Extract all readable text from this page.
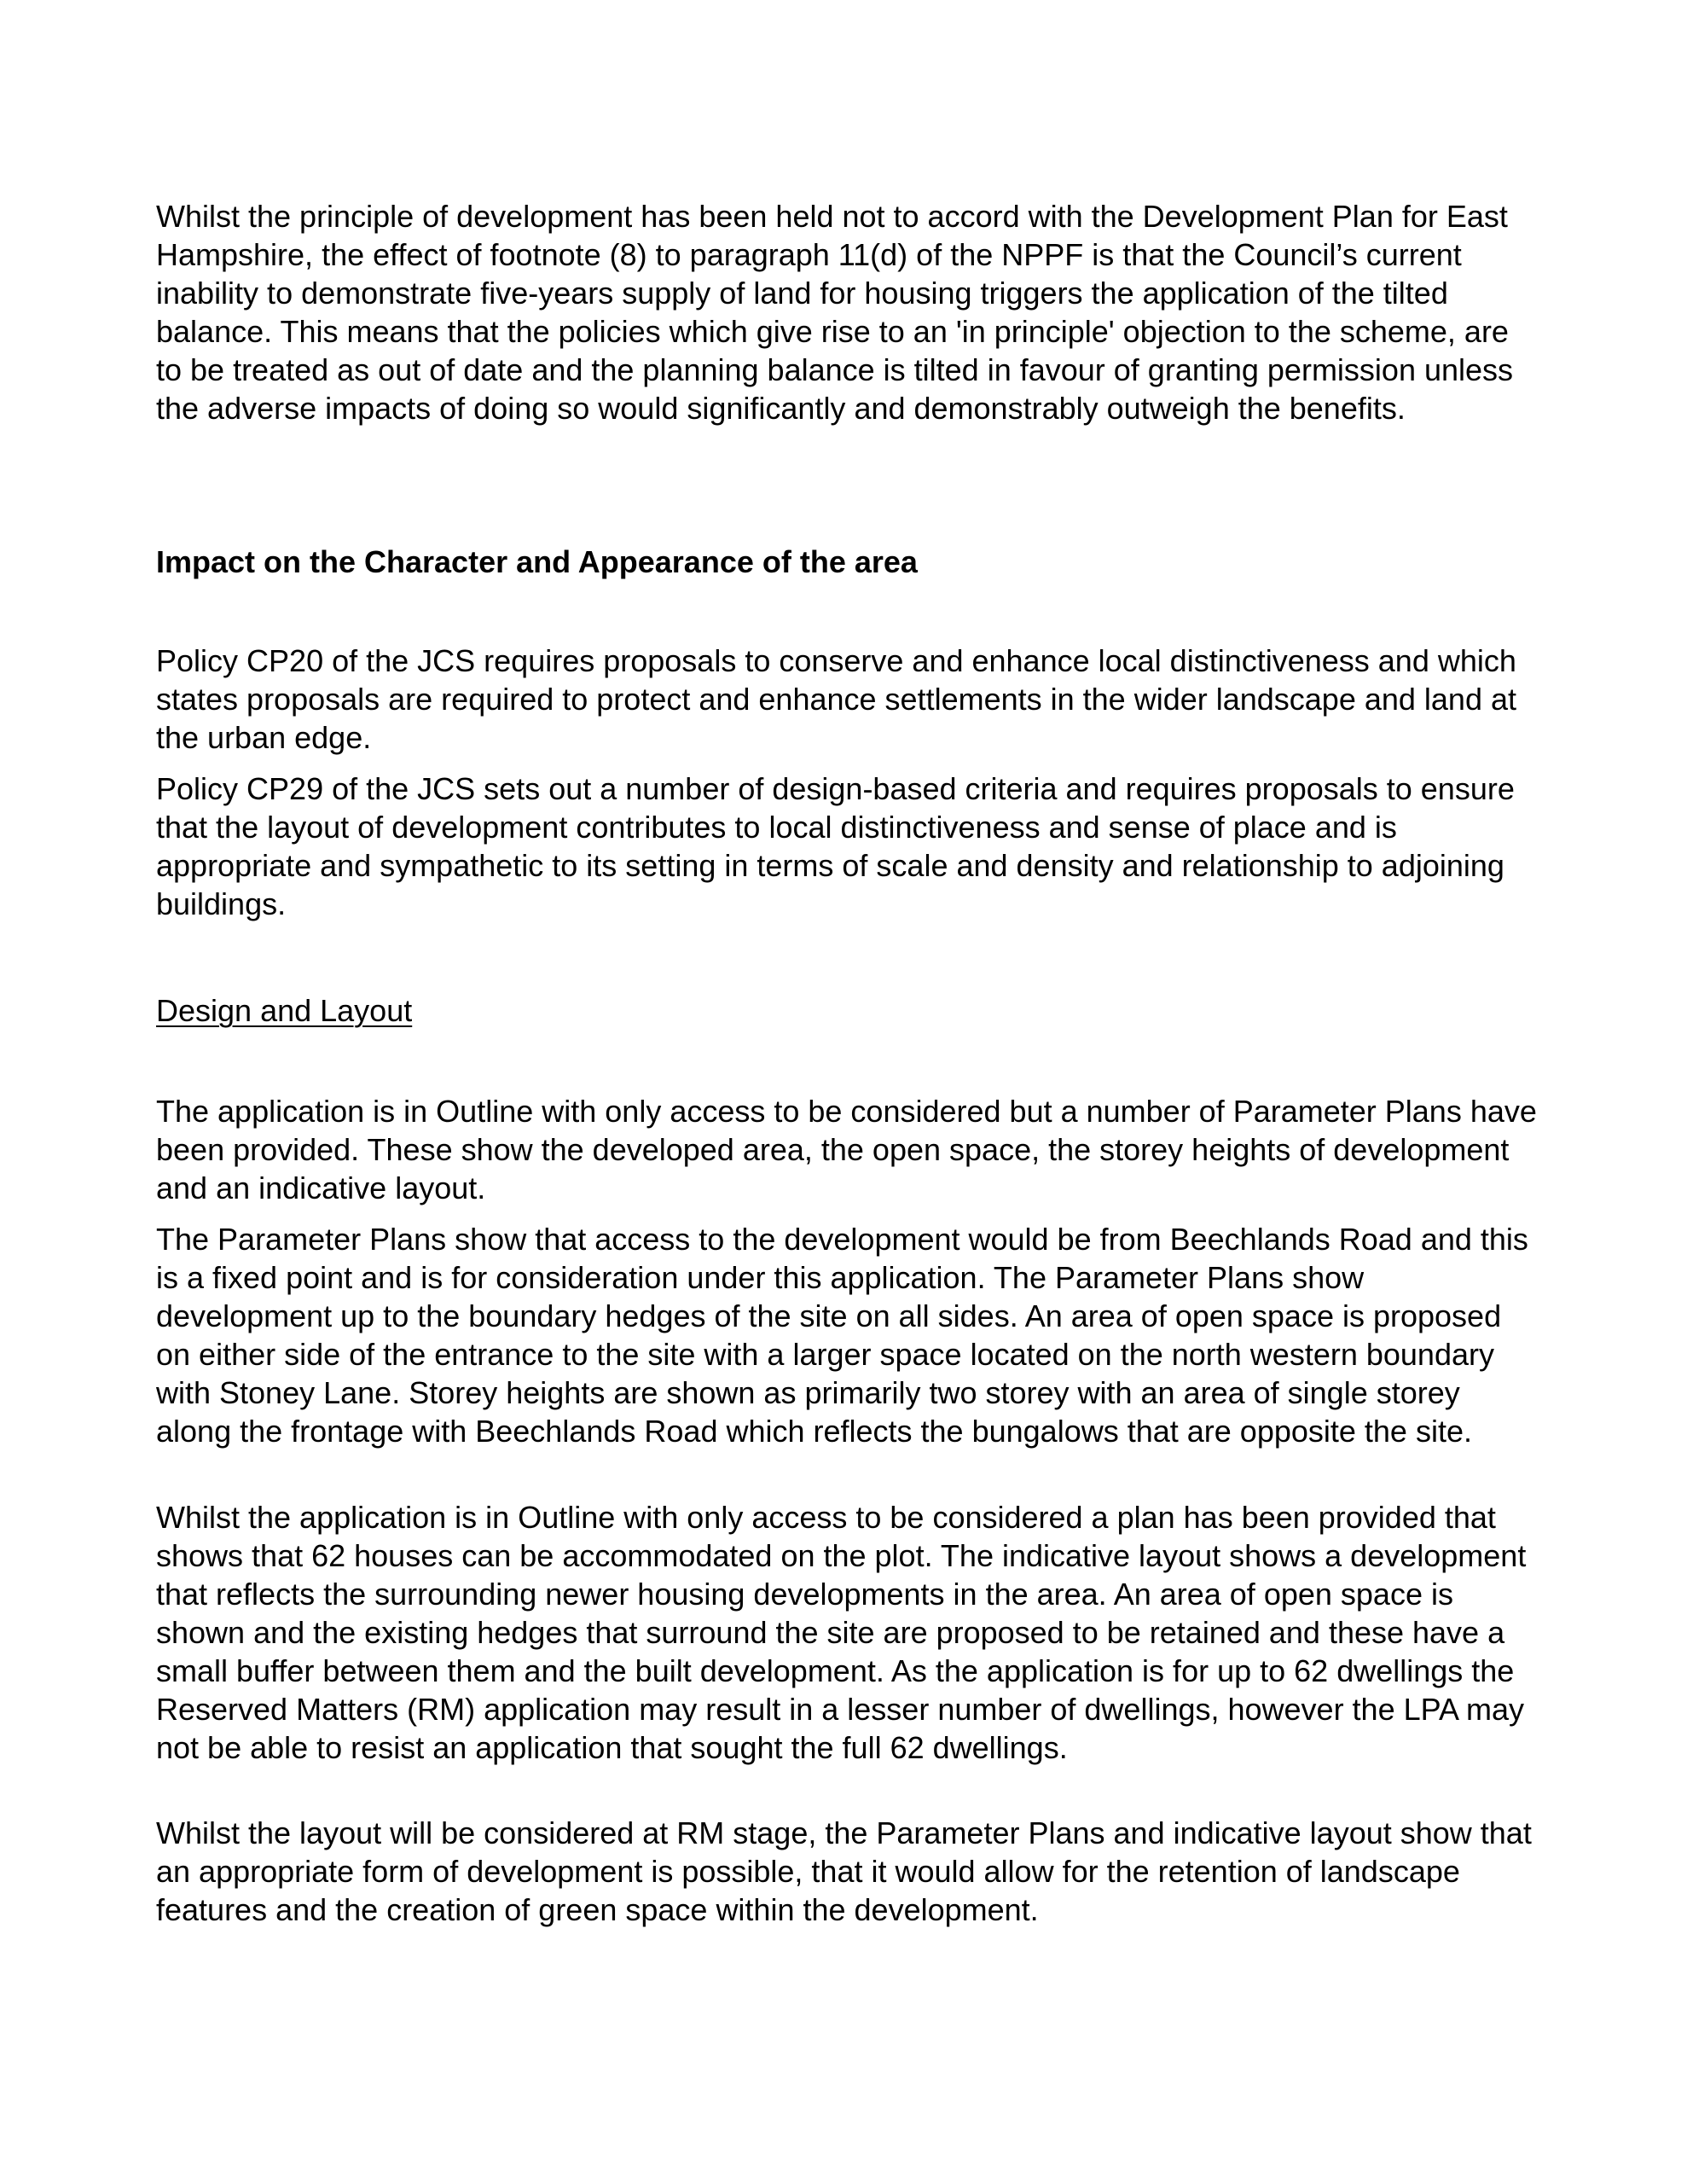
Whilst the principle of development has been held not to accord with the Development Plan for East Hampshire, the effect of footnote (8) to paragraph 11(d) of the NPPF is that the Council’s current inability to demonstrate five-years supply of land for housing triggers the application of the tilted balance. This means that the policies which give rise to an 'in principle' objection to the scheme, are to be treated as out of date and the planning balance is tilted in favour of granting permission unless the adverse impacts of doing so would significantly and demonstrably outweigh the benefits.

Impact on the Character and Appearance of the area

Policy CP20 of the JCS requires proposals to conserve and enhance local distinctiveness and which states proposals are required to protect and enhance settlements in the wider landscape and land at the urban edge.

Policy CP29 of the JCS sets out a number of design-based criteria and requires proposals to ensure that the layout of development contributes to local distinctiveness and sense of place and is appropriate and sympathetic to its setting in terms of scale and density and relationship to adjoining buildings.

Design and Layout

The application is in Outline with only access to be considered but a number of Parameter Plans have been provided. These show the developed area, the open space, the storey heights of development and an indicative layout.

The Parameter Plans show that access to the development would be from Beechlands Road and this is a fixed point and is for consideration under this application. The Parameter Plans show development up to the boundary hedges of the site on all sides. An area of open space is proposed on either side of the entrance to the site with a larger space located on the north western boundary with Stoney Lane. Storey heights are shown as primarily two storey with an area of single storey along the frontage with Beechlands Road which reflects the bungalows that are opposite the site.

Whilst the application is in Outline with only access to be considered a plan has been provided that shows that 62 houses can be accommodated on the plot. The indicative layout shows a development that reflects the surrounding newer housing developments in the area. An area of open space is shown and the existing hedges that surround the site are proposed to be retained and these have a small buffer between them and the built development. As the application is for up to 62 dwellings the Reserved Matters (RM) application may result in a lesser number of dwellings, however the LPA may not be able to resist an application that sought the full 62 dwellings.

Whilst the layout will be considered at RM stage, the Parameter Plans and indicative layout show that an appropriate form of development is possible, that it would allow for the retention of landscape features and the creation of green space within the development.
